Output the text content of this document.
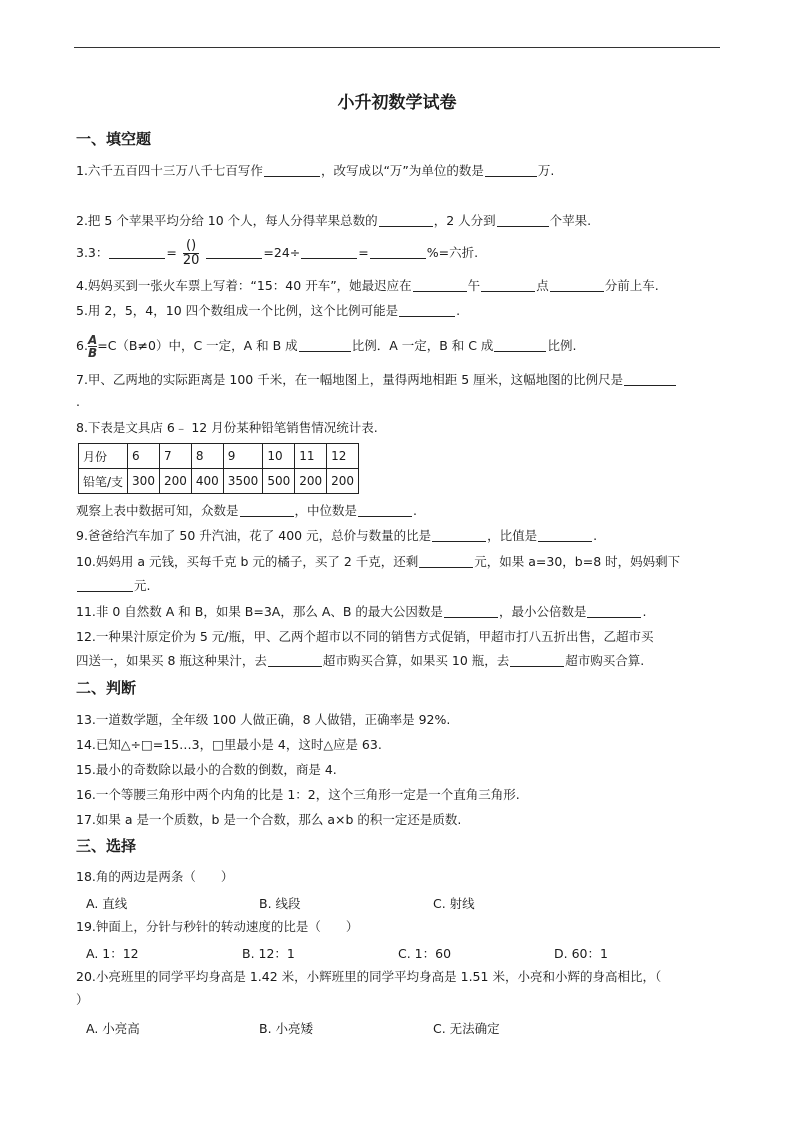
小升初数学试卷
一、填空题
1.六千五百四十三万八千七百写作	，改写成以“万”为单位的数是	万.
2.把 5 个苹果平均分给 10 个人，每人分得苹果总数的	，2 人分到	个苹果.
3.3：	= $\frac{()}{20}$	=24÷	=	%=六折.
4.妈妈买到一张火车票上写着：“15：40 开车”，她最迟应在	午	点	分前上车.
5.用 2，5，4，10 四个数组成一个比例，这个比例可能是	.
6. $\frac{A}{B} =C(B\ne 0)$中，C 一定，A 和 B 成	比例．A 一定，B 和 C 成	比例.
7.甲、乙两地的实际距离是 100 千米，在一幅地图上，量得两地相距 5 厘米，这幅地图的比例尺是
.
8.下表是文具店 6﹣ 12 月份某种铅笔销售情况统计表.
月份	6	7	8	9	10	11	12
铅笔/支	300	200	400	3500	500	200	200
观察上表中数据可知，众数是	，中位数是	.
9.爸爸给汽车加了 50 升汽油，花了 400 元，总价与数量的比是	，比值是	.
10.妈妈用 a 元钱，买每千克 b 元的橘子，买了 2 千克，还剩	元，如果 a=30，b=8 时，妈妈剩下
元.
11.非 0 自然数 A 和 B，如果 B=3A，那么 A、B 的最大公因数是	，最小公倍数是	.
12.一种果汁原定价为 5 元/瓶，甲、乙两个超市以不同的销售方式促销，甲超市打八五折出售，乙超市买
四送一，如果买 8 瓶这种果汁，去	超市购买合算，如果买 10 瓶，去	超市购买合算.
二、判断
13.一道数学题，全年级 100 人做正确，8 人做错，正确率是 92%.
14.已知△÷□=15…3，□里最小是 4，这时△应是 63.
15.最小的奇数除以最小的合数的倒数，商是 4.
16.一个等腰三角形中两个内角的比是 1：2，这个三角形一定是一个直角三角形.
17.如果 a 是一个质数，b 是一个合数，那么 a×b 的积一定还是质数.
三、选择
18.角的两边是两条（　　）
A. 直线	B. 线段	C. 射线
19.钟面上，分针与秒针的转动速度的比是（　　）
A. 1：12	B. 12：1	C. 1：60	D. 60：1
20.小亮班里的同学平均身高是 1.42 米，小辉班里的同学平均身高是 1.51 米，小亮和小辉的身高相比，（
）
A. 小亮高	B. 小亮矮	C. 无法确定
